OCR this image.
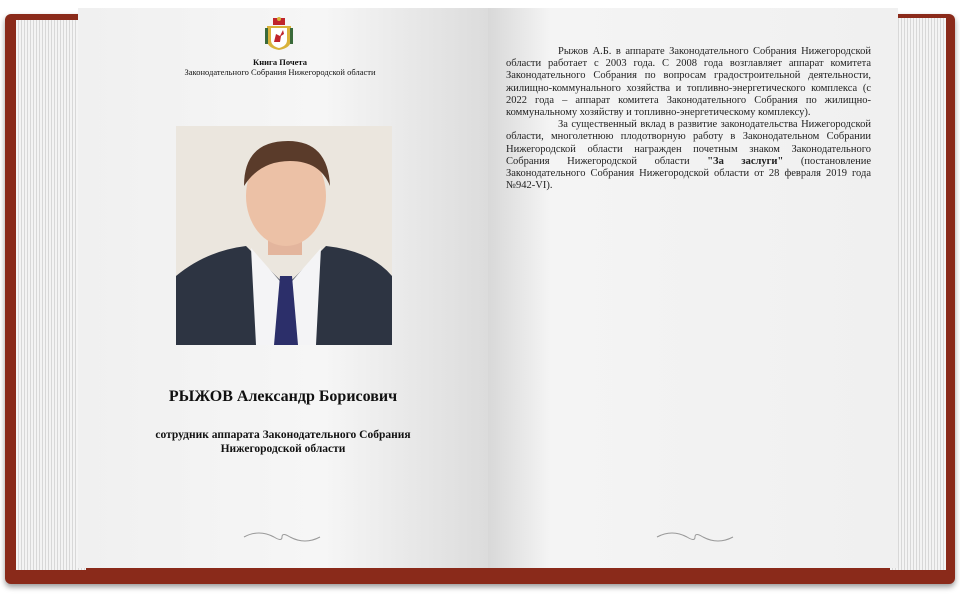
Книга Почета
Законодательного Собрания Нижегородской области
РЫЖОВ Александр Борисович
сотрудник аппарата Законодательного Собрания
Нижегородской области

Рыжов А.Б. в аппарате Законодательного Собрания Нижегородской области работает с 2003 года. С 2008 года возглавляет аппарат комитета Законодательного Собрания по вопросам градостроительной деятельности, жилищно-коммунального хозяйства и топливно-энергетического комплекса (с 2022 года – аппарат комитета Законодательного Собрания по жилищно-коммунальному хозяйству и топливно-энергетическому комплексу).

За существенный вклад в развитие законодательства Нижегородской области, многолетнюю плодотворную работу в Законодательном Собрании Нижегородской области награжден почетным знаком Законодательного Собрания Нижегородской области "За заслуги" (постановление Законодательного Собрания Нижегородской области от 28 февраля 2019 года №942-VI).
